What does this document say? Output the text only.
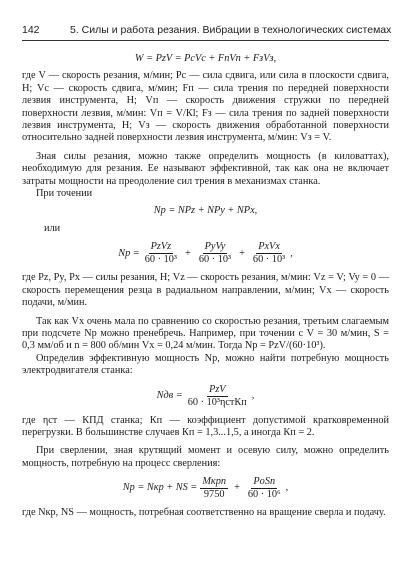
142	5. Силы и работа резания. Вибрации в технологических системах
W = PzV = PcVc + FпVп + FзVз,

где V — скорость резания, м/мин; Pc — сила сдвига, или сила в плоскости сдвига, Н; Vc — скорость сдвига, м/мин; Fп — сила трения по передней поверхности лезвия инструмента, Н; Vп — скорость движения стружки по передней поверхности лезвия, м/мин: Vп = V/Кl; Fз — сила трения по задней поверхности лезвия инструмента, Н; Vз — скорость движения обработанной поверхности относительно задней поверхности лезвия инструмента, м/мин: Vз = V.

Зная силы резания, можно также определить мощность (в киловаттах), необходимую для резания. Ее называют эффективной, так как она не включает затраты мощности на преодоление сил трения в механизмах станка.

При точении

Nр = NPz + NPy + NPx,
или
Nр = $\frac{\text{PzVz}}{\text{60 · 10³}} + \frac{\text{PyVy}}{\text{60 · 10³}} + \frac{\text{PxVx}}{\text{60 · 10³}}$ ,

где Pz, Py, Px — силы резания, Н; Vz — скорость резания, м/мин: Vz = V; Vy = 0 — скорость перемещения резца в радиальном направлении, м/мин; Vx — скорость подачи, м/мин.

Так как Vx очень мала по сравнению со скоростью резания, третьим слагаемым при подсчете Nр можно пренебречь. Например, при точении с V = 30 м/мин, S = 0,3 мм/об и n = 800 об/мин Vx = 0,24 м/мин. Тогда Nр = PzV/(60·10³).

Определив эффективную мощность Nр, можно найти потребную мощность электродвигателя станка:

Nдв = $\frac{\text{PzV}}{\text{60 · 10³ηстКп}}$ ,

где ηст — КПД станка; Кп — коэффициент допустимой кратковременной перегрузки. В большинстве случаев Кп = 1,3...1,5, а иногда Кп = 2.

При сверлении, зная крутящий момент и осевую силу, можно определить мощность, потребную на процесс сверления:

Nр = Nкр + NS = $\frac{\text{Mкрn}}{9750} + \frac{\text{PoSn}}{\text{60 · 10⁶}}$ ,

где Nкр, NS — мощность, потребная соответственно на вращение сверла и подачу.
